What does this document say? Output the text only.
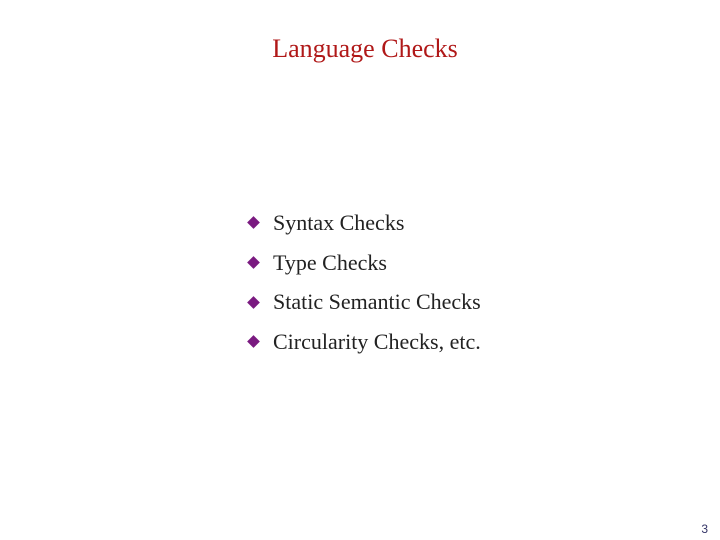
Language Checks
Syntax Checks
Type Checks
Static Semantic Checks
Circularity Checks, etc.
3
